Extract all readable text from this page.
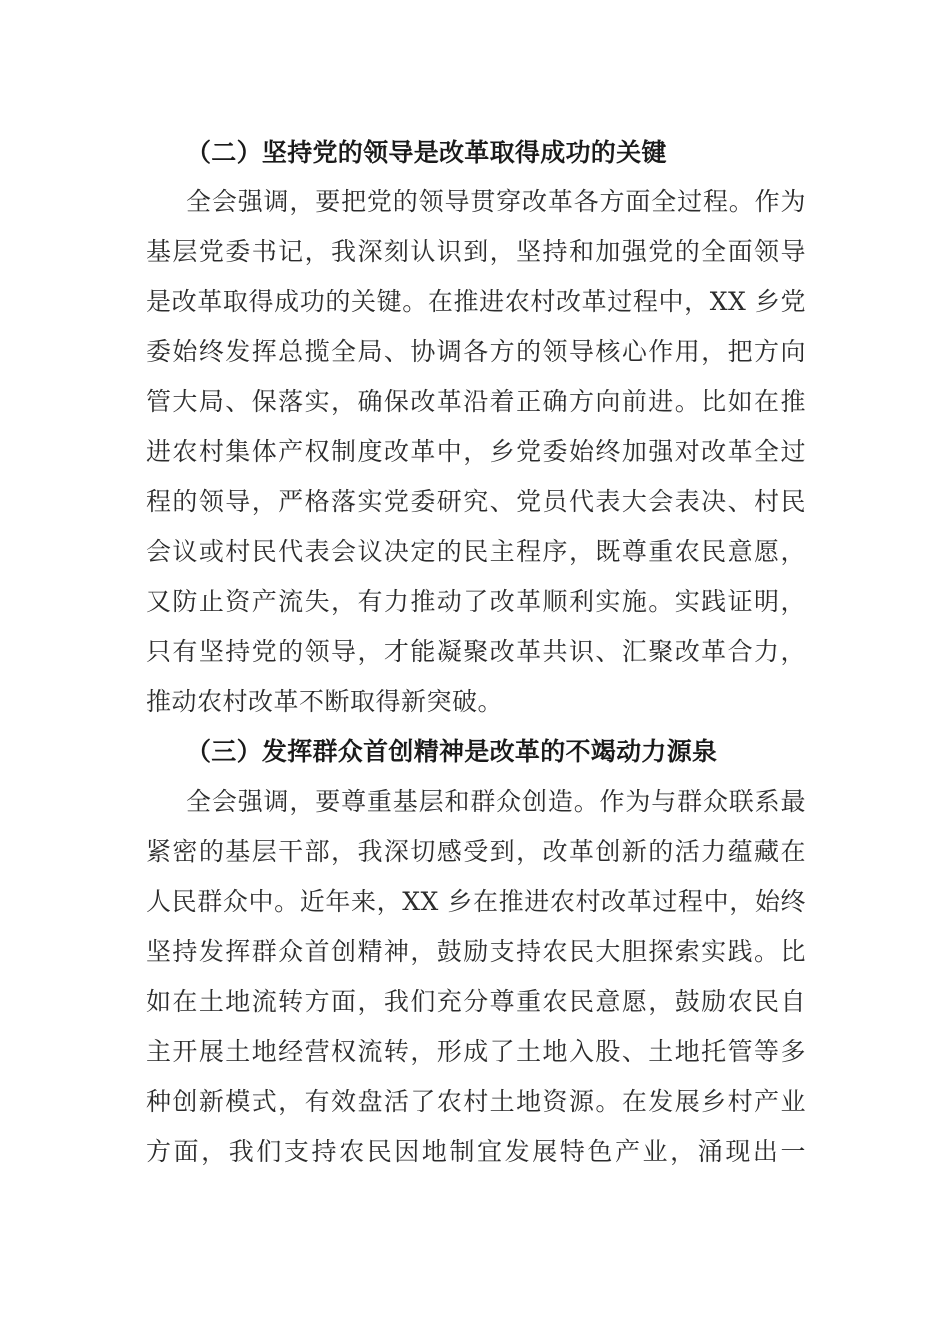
（二）坚持党的领导是改革取得成功的关键
全会强调，要把党的领导贯穿改革各方面全过程。作为
基层党委书记，我深刻认识到，坚持和加强党的全面领导
是改革取得成功的关键。在推进农村改革过程中，XX 乡党
委始终发挥总揽全局、协调各方的领导核心作用，把方向
管大局、保落实，确保改革沿着正确方向前进。比如在推
进农村集体产权制度改革中，乡党委始终加强对改革全过
程的领导，严格落实党委研究、党员代表大会表决、村民
会议或村民代表会议决定的民主程序，既尊重农民意愿，
又防止资产流失，有力推动了改革顺利实施。实践证明，
只有坚持党的领导，才能凝聚改革共识、汇聚改革合力，
推动农村改革不断取得新突破。
（三）发挥群众首创精神是改革的不竭动力源泉
全会强调，要尊重基层和群众创造。作为与群众联系最
紧密的基层干部，我深切感受到，改革创新的活力蕴藏在
人民群众中。近年来，XX 乡在推进农村改革过程中，始终
坚持发挥群众首创精神，鼓励支持农民大胆探索实践。比
如在土地流转方面，我们充分尊重农民意愿，鼓励农民自
主开展土地经营权流转，形成了土地入股、土地托管等多
种创新模式，有效盘活了农村土地资源。在发展乡村产业
方面，我们支持农民因地制宜发展特色产业，涌现出一
